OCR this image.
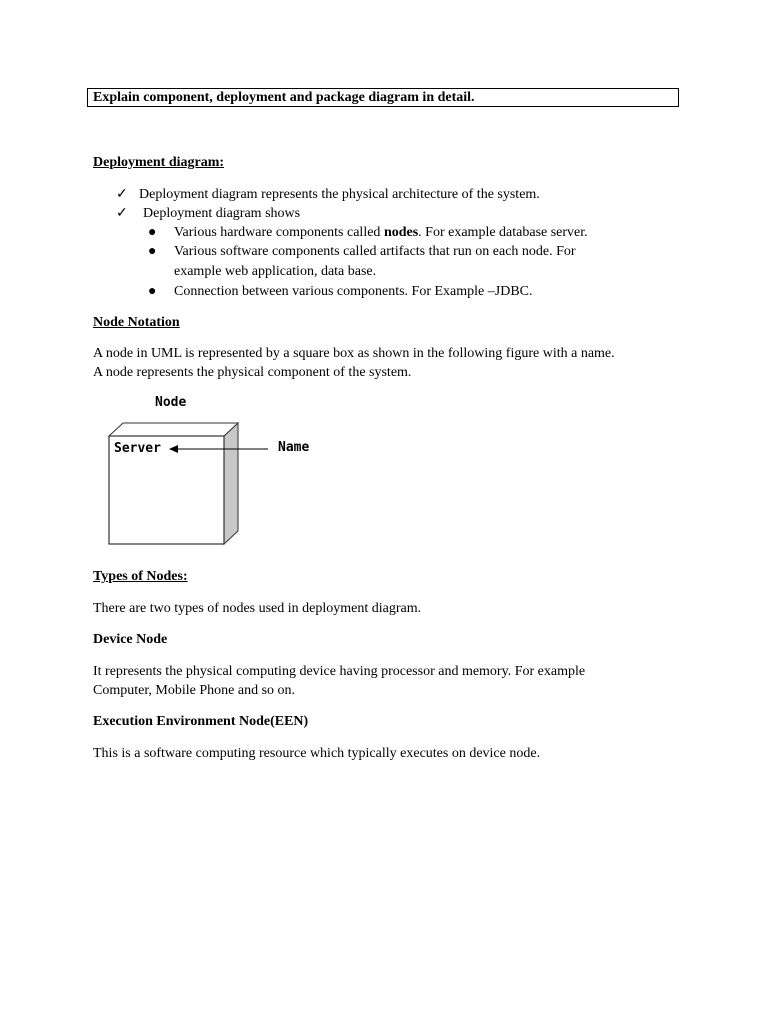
Explain component, deployment and package diagram in detail.
Deployment diagram:
✓ Deployment diagram represents the physical architecture of the system.
✓ Deployment diagram shows
●	Various hardware components called nodes. For example database server.
●	Various software components called artifacts that run on each node. For
example web application, data base.
●	Connection between various components. For Example –JDBC.
Node Notation
A node in UML is represented by a square box as shown in the following figure with a name.
A node represents the physical component of the system.
Node
Server	Name
Types of Nodes:
There are two types of nodes used in deployment diagram.
Device Node
It represents the physical computing device having processor and memory. For example
Computer, Mobile Phone and so on.
Execution Environment Node(EEN)
This is a software computing resource which typically executes on device node.
